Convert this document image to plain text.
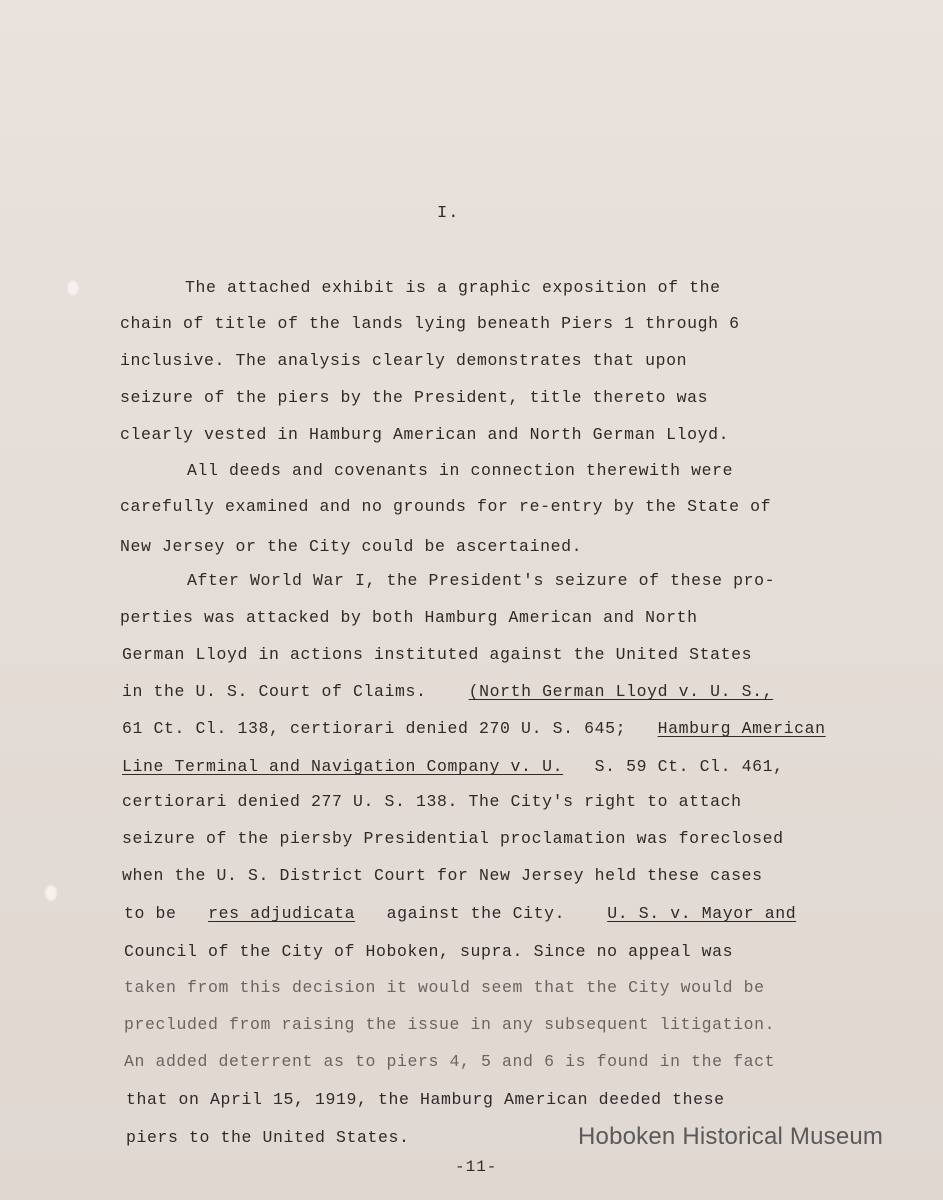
I.
The attached exhibit is a graphic exposition of the
chain of title of the lands lying beneath Piers 1 through 6
inclusive. The analysis clearly demonstrates that upon
seizure of the piers by the President, title thereto was
clearly vested in Hamburg American and North German Lloyd.
All deeds and covenants in connection therewith were
carefully examined and no grounds for re-entry by the State of
New Jersey or the City could be ascertained.
After World War I, the President's seizure of these pro-
perties was attacked by both Hamburg American and North
German Lloyd in actions instituted against the United States
in the U. S. Court of Claims.	(North German Lloyd v. U. S.,
61 Ct. Cl. 138, certiorari denied 270 U. S. 645; Hamburg American
Line Terminal and Navigation Company v. U. S. 59 Ct. Cl. 461,
certiorari denied 277 U. S. 138. The City's right to attach
seizure of the piersby Presidential proclamation was foreclosed
when the U. S. District Court for New Jersey held these cases
to be res adjudicata against the City.	U. S. v. Mayor and
Council of the City of Hoboken, supra. Since no appeal was
taken from this decision it would seem that the City would be
precluded from raising the issue in any subsequent litigation.
An added deterrent as to piers 4, 5 and 6 is found in the fact
that on April 15, 1919, the Hamburg American deeded these
piers to the United States.	Hoboken Historical Museum
-11-
